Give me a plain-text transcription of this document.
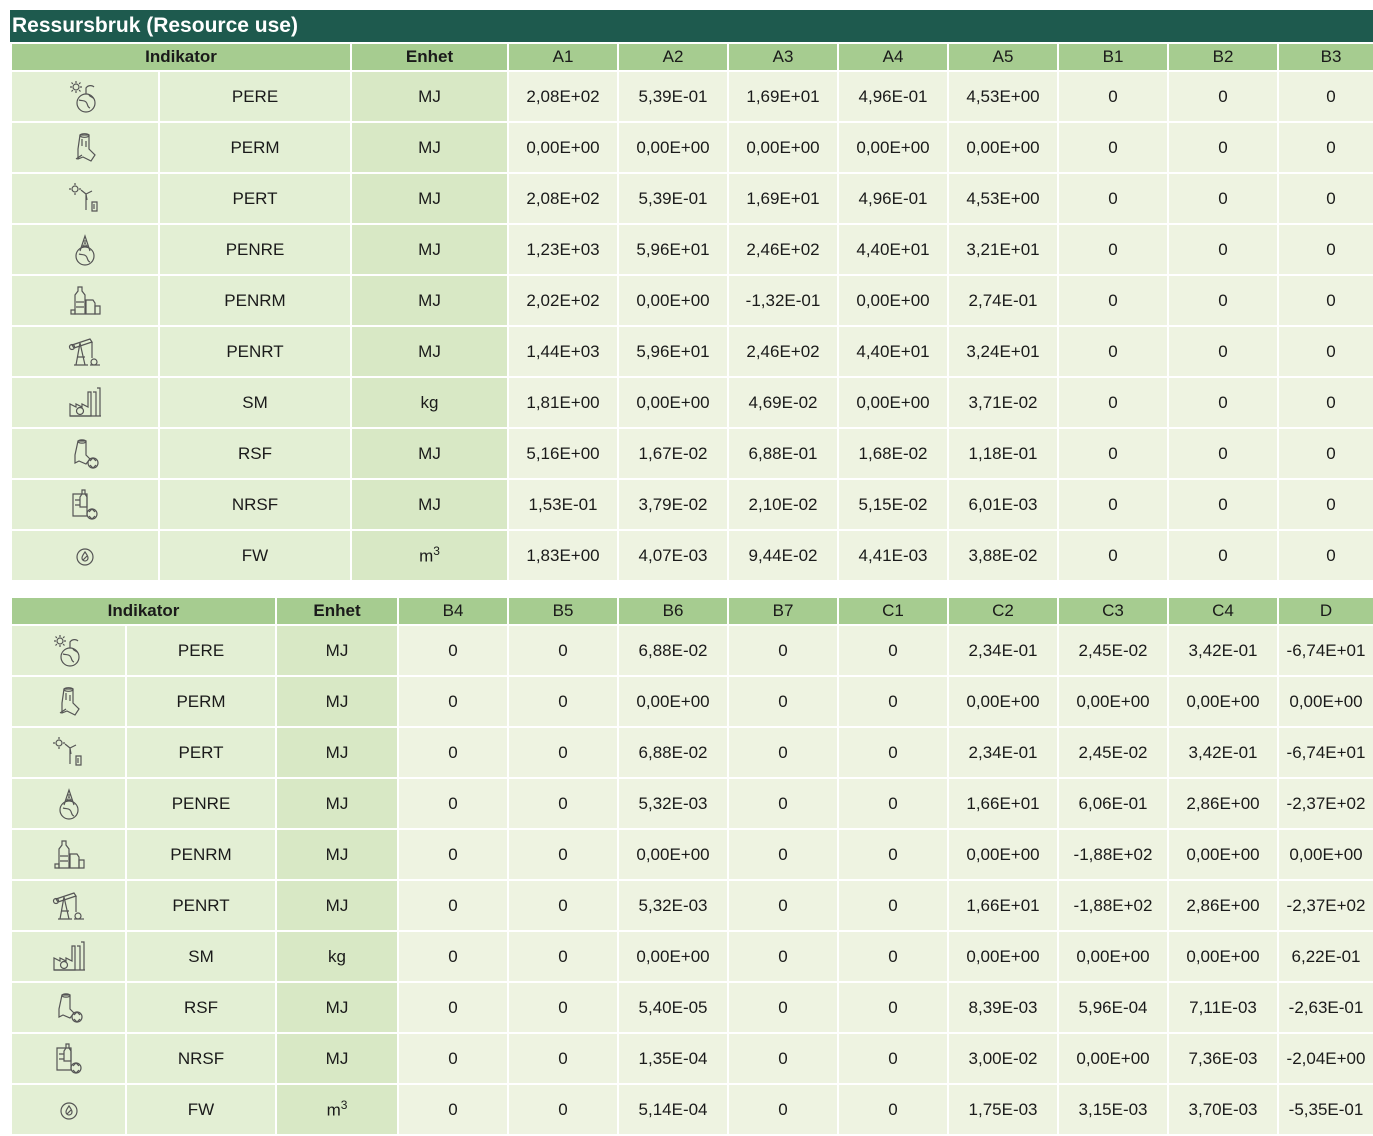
Ressursbruk (Resource use)
Indikator		Enhet	A1	A2	A3	A4	A5	B1	B2	B3

	PERE	MJ	2,08E+02	5,39E-01	1,69E+01	4,96E-01	4,53E+00	0	0	0

	PERM	MJ	0,00E+00	0,00E+00	0,00E+00	0,00E+00	0,00E+00	0	0	0

	PERT	MJ	2,08E+02	5,39E-01	1,69E+01	4,96E-01	4,53E+00	0	0	0

A	PENRE	MJ	1,23E+03	5,96E+01	2,46E+02	4,40E+01	3,21E+01	0	0	0

	PENRM	MJ	2,02E+02	0,00E+00	-1,32E-01	0,00E+00	2,74E-01	0	0	0

	PENRT	MJ	1,44E+03	5,96E+01	2,46E+02	4,40E+01	3,24E+01	0	0	0

	SM	kg	1,81E+00	0,00E+00	4,69E-02	0,00E+00	3,71E-02	0	0	0

	RSF	MJ	5,16E+00	1,67E-02	6,88E-01	1,68E-02	1,18E-01	0	0	0

	NRSF	MJ	1,53E-01	3,79E-02	2,10E-02	5,15E-02	6,01E-03	0	0	0

	FW	$m^3$	1,83E+00	4,07E-03	9,44E-02	4,41E-03	3,88E-02	0	0	0
Indikator		Enhet	B4	B5	B6	B7	C1	C2	C3	C4	D

	PERE	MJ	0	0	6,88E-02	0	0	2,34E-01	2,45E-02	3,42E-01	-6,74E+01

	PERM	MJ	0	0	0,00E+00	0	0	0,00E+00	0,00E+00	0,00E+00	0,00E+00

	PERT	MJ	0	0	6,88E-02	0	0	2,34E-01	2,45E-02	3,42E-01	-6,74E+01

A	PENRE	MJ	0	0	5,32E-03	0	0	1,66E+01	6,06E-01	2,86E+00	-2,37E+02

	PENRM	MJ	0	0	0,00E+00	0	0	0,00E+00	-1,88E+02	0,00E+00	0,00E+00

	PENRT	MJ	0	0	5,32E-03	0	0	1,66E+01	-1,88E+02	2,86E+00	-2,37E+02

	SM	kg	0	0	0,00E+00	0	0	0,00E+00	0,00E+00	0,00E+00	6,22E-01

	RSF	MJ	0	0	5,40E-05	0	0	8,39E-03	5,96E-04	7,11E-03	-2,63E-01

	NRSF	MJ	0	0	1,35E-04	0	0	3,00E-02	0,00E+00	7,36E-03	-2,04E+00

	FW	$m^3$	0	0	5,14E-04	0	0	1,75E-03	3,15E-03	3,70E-03	-5,35E-01
